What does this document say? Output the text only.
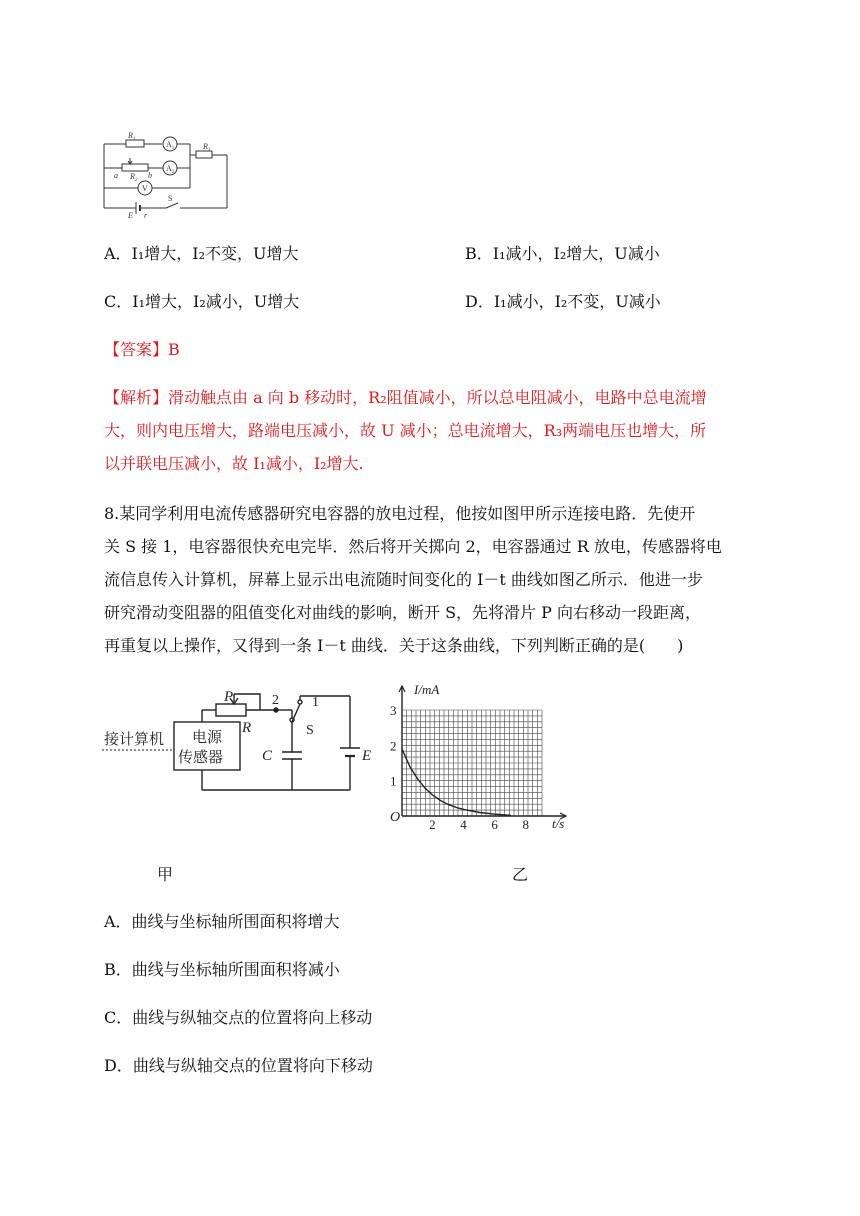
$R_1$
$R_3$
a $R_2$
b
E r
$A_1$
$A_2$
V
S
A．I₁增大，I₂不变，U增大	B．I₁减小，I₂增大，U减小
C．I₁增大，I₂减小，U增大	D．I₁减小，I₂不变，U减小
【答案】B
【解析】滑动触点由 a 向 b 移动时，R₂阻值减小，所以总电阻减小，电路中总电流增
大，则内电压增大，路端电压减小，故 U 减小；总电流增大，R₃两端电压也增大，所
以并联电压减小，故 I₁减小，I₂增大.
8.某同学利用电流传感器研究电容器的放电过程，他按如图甲所示连接电路．先使开
关 S 接 1，电容器很快充电完毕．然后将开关掷向 2，电容器通过 R 放电，传感器将电
流信息传入计算机，屏幕上显示出电流随时间变化的 I－t 曲线如图乙所示．他进一步
研究滑动变阻器的阻值变化对曲线的影响，断开 S，先将滑片 P 向右移动一段距离，
再重复以上操作，又得到一条 I－t 曲线．关于这条曲线，下列判断正确的是(　　)
接计算机 电源
传感器
P
R
C	E
2 1
S
1
2
3
2 4 6 8
I/mA
t/s
O
甲	乙
A．曲线与坐标轴所围面积将增大
B．曲线与坐标轴所围面积将减小
C．曲线与纵轴交点的位置将向上移动
D．曲线与纵轴交点的位置将向下移动
